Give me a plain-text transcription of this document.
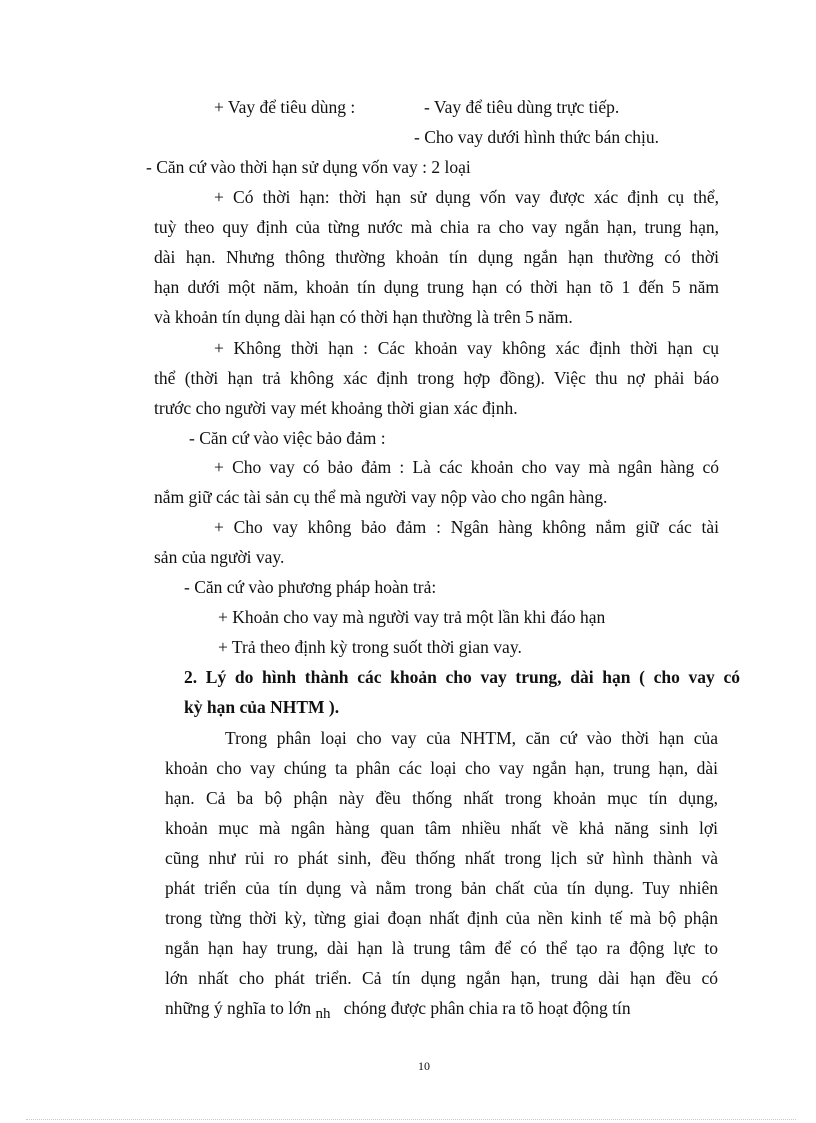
+ Vay để tiêu dùng :	- Vay để tiêu dùng trực tiếp.
- Cho vay dưới hình thức bán chịu.
- Căn cứ vào thời hạn sử dụng vốn vay : 2 loại
+ Có thời hạn: thời hạn sử dụng vốn vay được xác định cụ thể,
tuỳ theo quy định của từng nước mà chia ra cho vay ngắn hạn, trung hạn,
dài hạn. Nhưng thông thường khoản tín dụng ngắn hạn thường có thời
hạn dưới một năm, khoản tín dụng trung hạn có thời hạn tõ 1 đến 5 năm
và khoản tín dụng dài hạn có thời hạn thường là trên 5 năm.
+ Không thời hạn : Các khoản vay không xác định thời hạn cụ
thể (thời hạn trả không xác định trong hợp đồng). Việc thu nợ phải báo
trước cho người vay mét khoảng thời gian xác định.
- Căn cứ vào việc bảo đảm :
+ Cho vay có bảo đảm : Là các khoản cho vay mà ngân hàng có
nắm giữ các tài sản cụ thể mà người vay nộp vào cho ngân hàng.
+ Cho vay không bảo đảm : Ngân hàng không nắm giữ các tài
sản của người vay.
- Căn cứ vào phương pháp hoàn trả:
+ Khoản cho vay mà người vay trả một lần khi đáo hạn
+ Trả theo định kỳ trong suốt thời gian vay.
2. Lý do hình thành các khoản cho vay trung, dài hạn ( cho vay có
kỳ hạn của NHTM ).
Trong phân loại cho vay của NHTM, căn cứ vào thời hạn của
khoản cho vay chúng ta phân các loại cho vay ngắn hạn, trung hạn, dài
hạn. Cả ba bộ phận này đều thống nhất trong khoản mục tín dụng,
khoản mục mà ngân hàng quan tâm nhiều nhất về khả năng sinh lợi
cũng như rủi ro phát sinh, đều thống nhất trong lịch sử hình thành và
phát triển của tín dụng và nằm trong bản chất của tín dụng. Tuy nhiên
trong từng thời kỳ, từng giai đoạn nhất định của nền kinh tế mà bộ phận
ngắn hạn hay trung, dài hạn là trung tâm để có thể tạo ra động lực to
lớn nhất cho phát triển. Cả tín dụng ngắn hạn, trung dài hạn đều có
những ý nghĩa to lớn nh chóng được phân chia ra tõ hoạt động tín
10
